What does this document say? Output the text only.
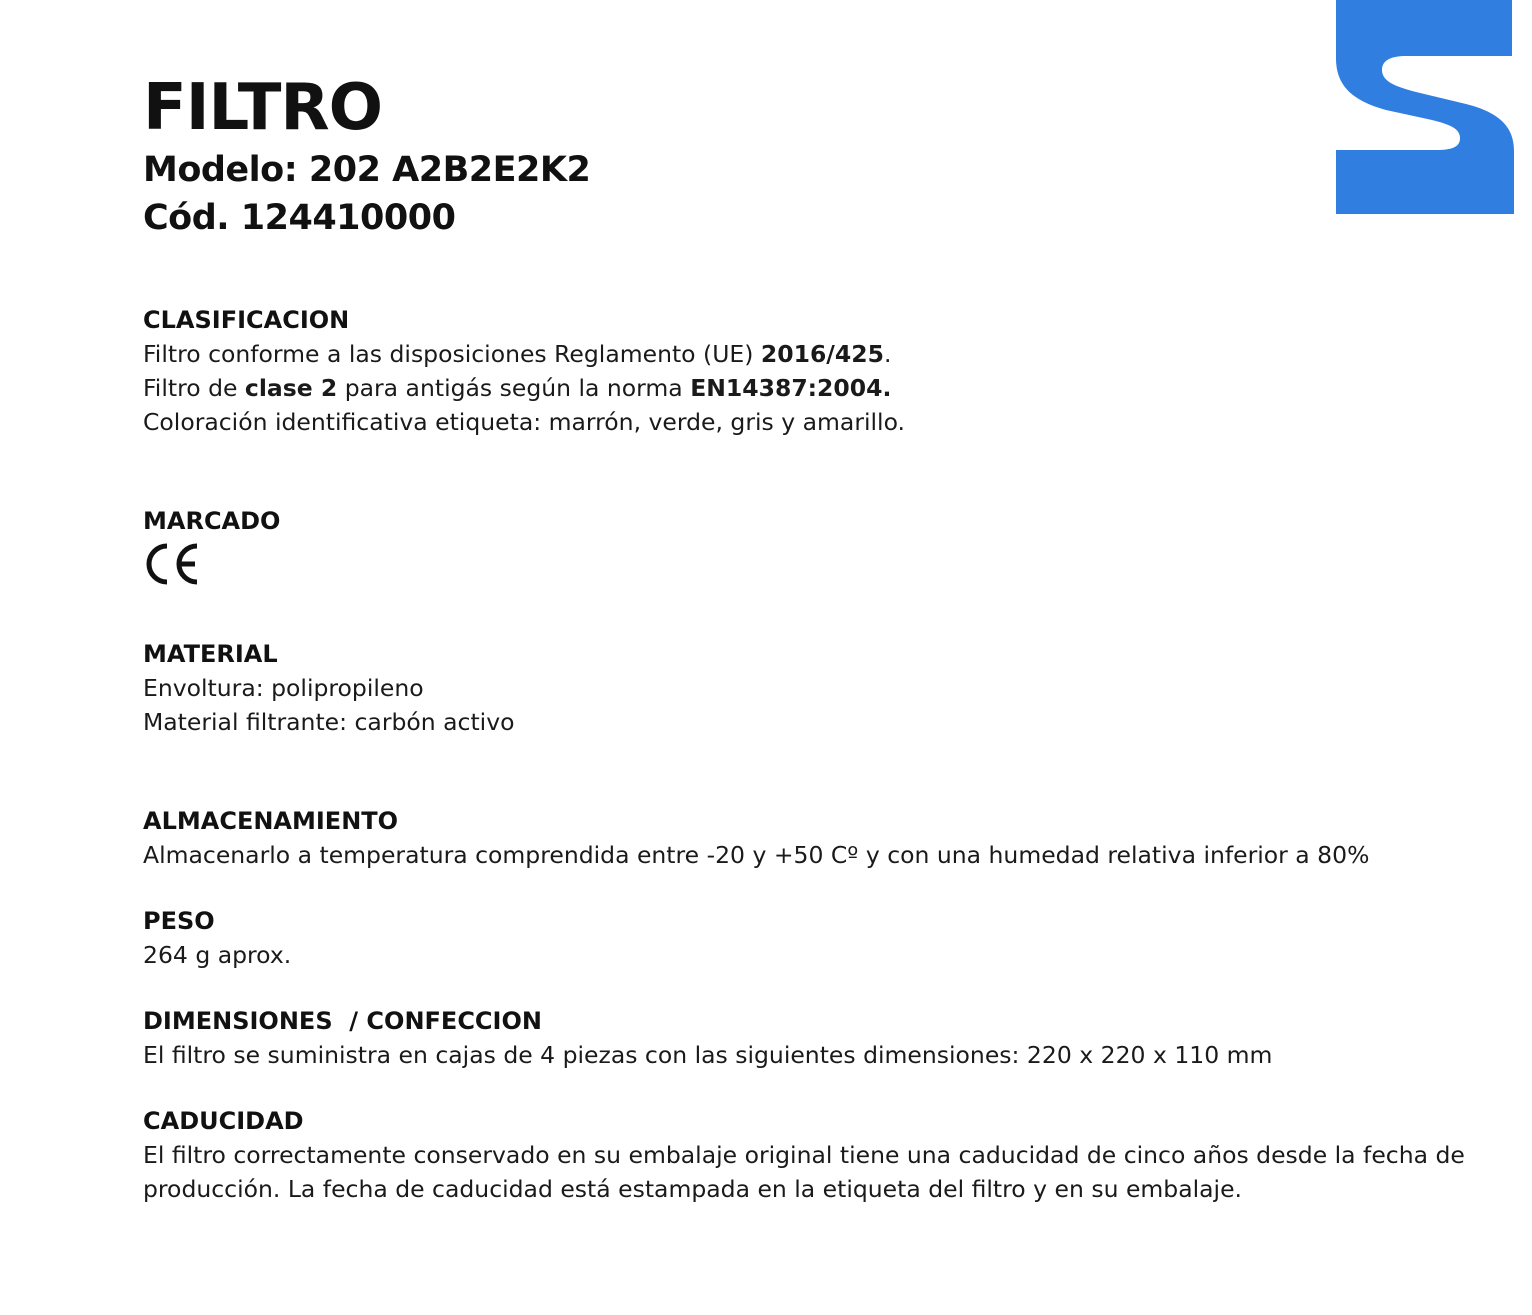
FILTRO

Modelo: 202 A2B2E2K2

Cód. 124410000

CLASIFICACION

Filtro conforme a las disposiciones Reglamento (UE) 2016/425.

Filtro de clase 2 para antigás según la norma EN14387:2004.

Coloración identificativa etiqueta: marrón, verde, gris y amarillo.

MARCADO
MATERIAL

Envoltura: polipropileno

Material filtrante: carbón activo

ALMACENAMIENTO

Almacenarlo a temperatura comprendida entre -20 y +50 Cº y con una humedad relativa inferior a 80%

PESO

264 g aprox.

DIMENSIONES  / CONFECCION

El filtro se suministra en cajas de 4 piezas con las siguientes dimensiones: 220 x 220 x 110 mm

CADUCIDAD

El filtro correctamente conservado en su embalaje original tiene una caducidad de cinco años desde la fecha de producción. La fecha de caducidad está estampada en la etiqueta del filtro y en su embalaje.
